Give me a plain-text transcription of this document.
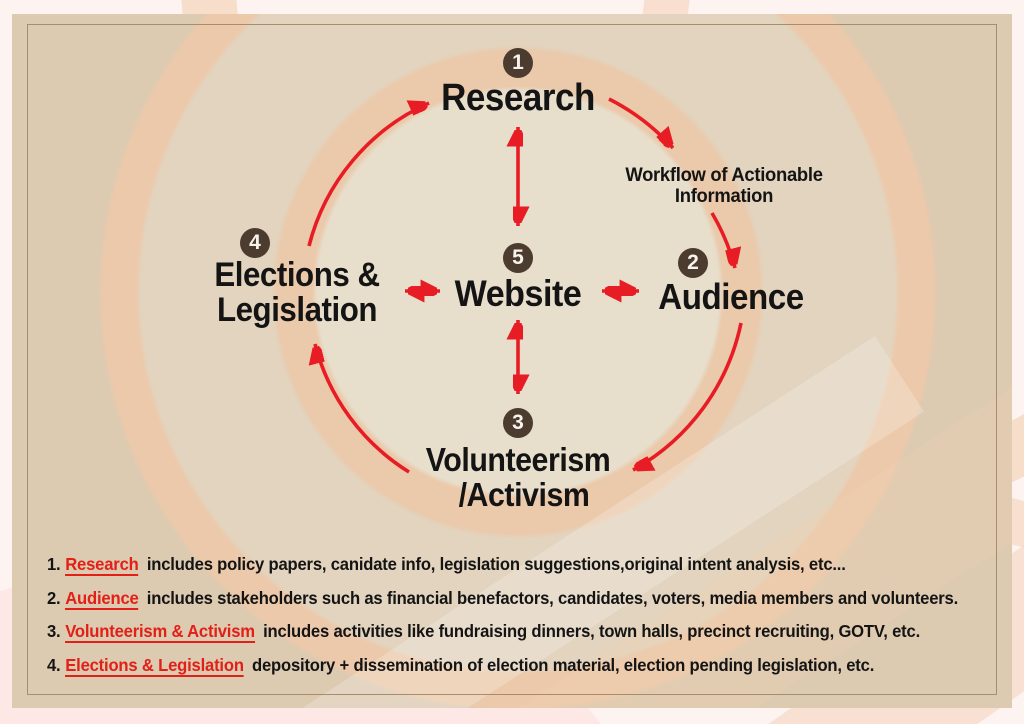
1
Research
Workflow of Actionable
Information
4
Elections &
Legislation
5
Website
2
Audience
3
Volunteerism
/Activism
1. Research includes policy papers, canidate info, legislation suggestions,original intent analysis, etc...
2. Audience includes stakeholders such as financial benefactors, candidates, voters, media members and volunteers.
3. Volunteerism & Activism includes activities like fundraising dinners, town halls, precinct recruiting, GOTV, etc.
4. Elections & Legislation depository + dissemination of election material, election pending legislation, etc.
